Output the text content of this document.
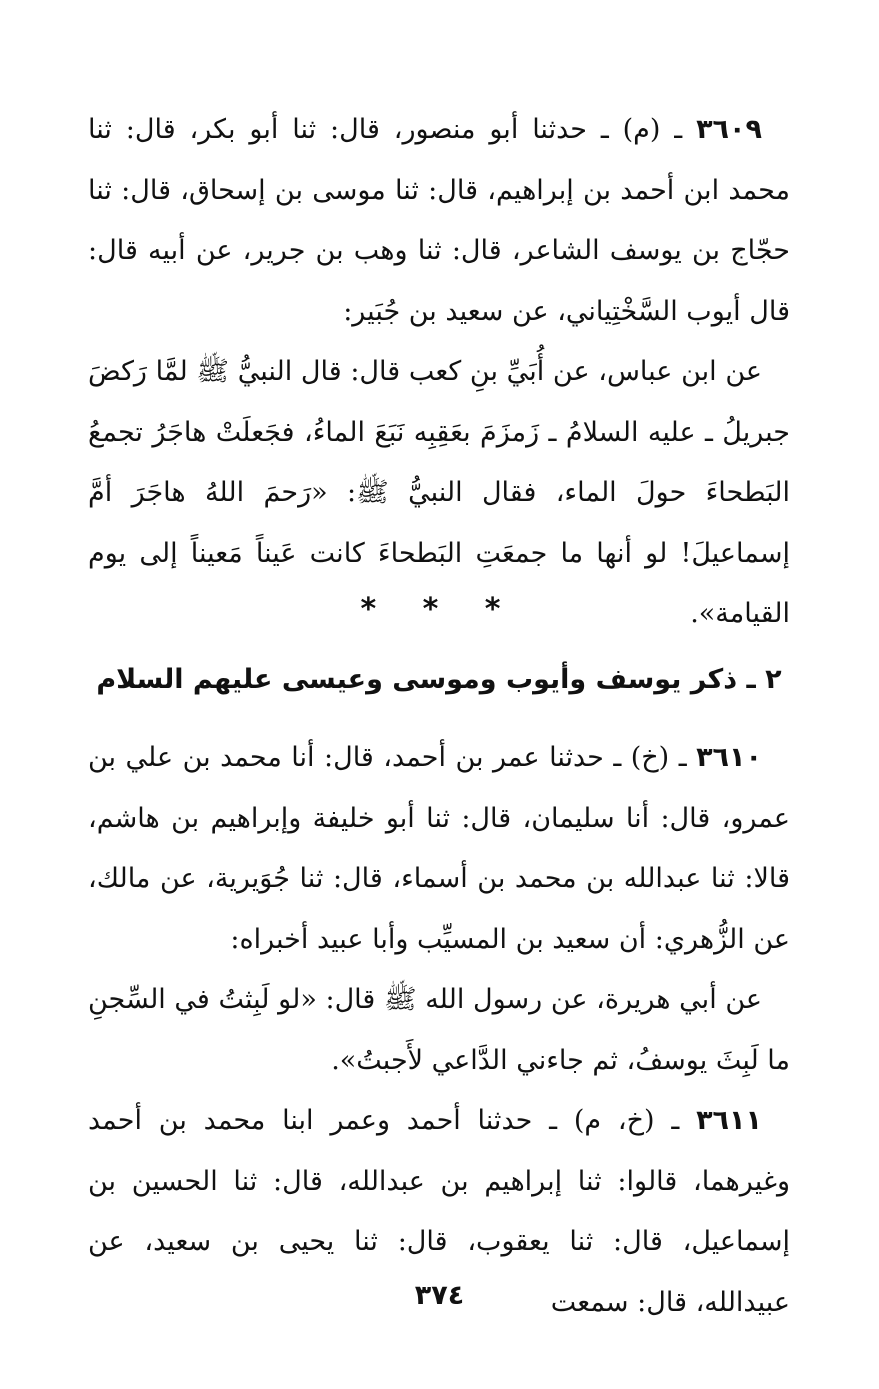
٣٦٠٩ ـ (م) ـ حدثنا أبو منصور، قال: ثنا أبو بكر، قال: ثنا محمد ابن أحمد بن إبراهيم، قال: ثنا موسى بن إسحاق، قال: ثنا حجّاج بن يوسف الشاعر، قال: ثنا وهب بن جرير، عن أبيه قال: قال أيوب السَّخْتِياني، عن سعيد بن جُبَير:

عن ابن عباس، عن أُبَيِّ بنِ كعب قال: قال النبيُّ ﷺ لمَّا رَكضَ جبريلُ ـ عليه السلامُ ـ زَمزَمَ بعَقِبِه نَبَعَ الماءُ، فجَعلَتْ هاجَرُ تجمعُ البَطحاءَ حولَ الماء، فقال النبيُّ ﷺ: «رَحمَ اللهُ هاجَرَ أمَّ إسماعيلَ! لو أنها ما جمعَتِ البَطحاءَ كانت عَيناً مَعيناً إلى يوم القيامة».

* * *
٢ ـ ذكر يوسف وأيوب وموسى وعيسى عليهم السلام

٣٦١٠ ـ (خ) ـ حدثنا عمر بن أحمد، قال: أنا محمد بن علي بن عمرو، قال: أنا سليمان، قال: ثنا أبو خليفة وإبراهيم بن هاشم، قالا: ثنا عبدالله بن محمد بن أسماء، قال: ثنا جُوَيرية، عن مالك، عن الزُّهري: أن سعيد بن المسيِّب وأبا عبيد أخبراه:

عن أبي هريرة، عن رسول الله ﷺ قال: «لو لَبِثتُ في السِّجنِ ما لَبِثَ يوسفُ، ثم جاءني الدَّاعي لأَجبتُ».

٣٦١١ ـ (خ، م) ـ حدثنا أحمد وعمر ابنا محمد بن أحمد وغيرهما، قالوا: ثنا إبراهيم بن عبدالله، قال: ثنا الحسين بن إسماعيل، قال: ثنا يعقوب، قال: ثنا يحيى بن سعيد، عن عبيدالله، قال: سمعت

٣٧٤
